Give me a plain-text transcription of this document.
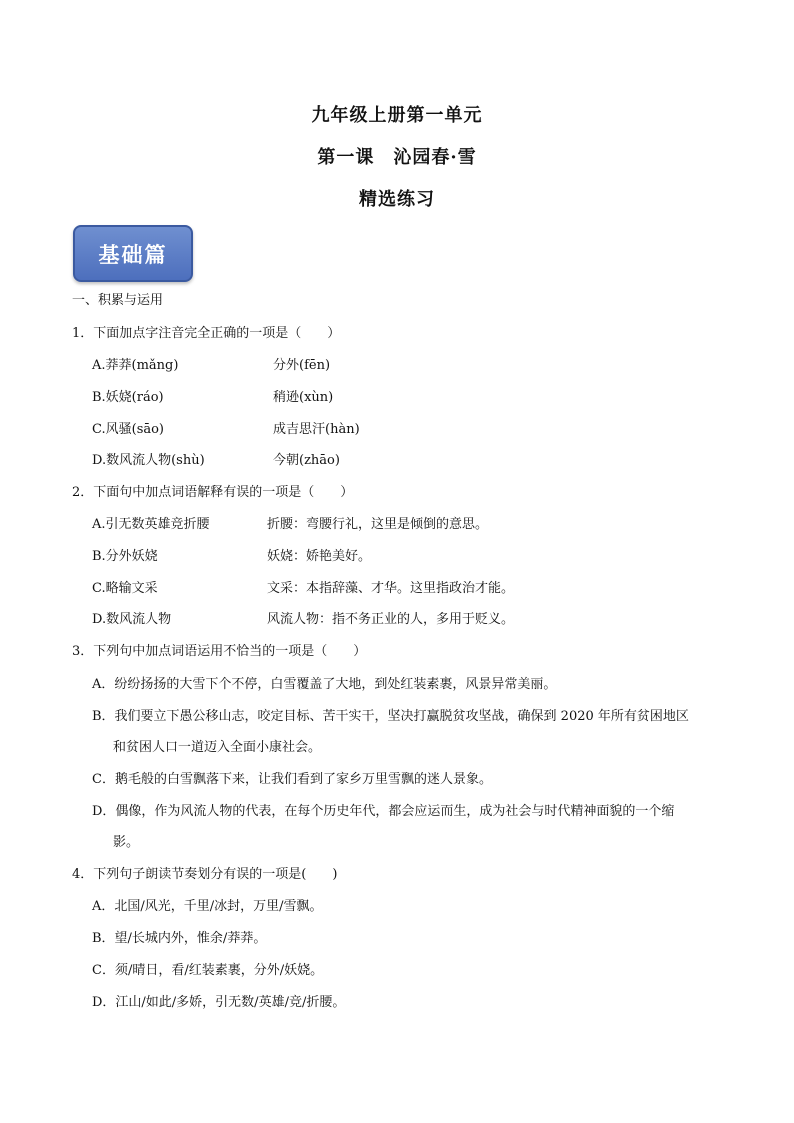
九年级上册第一单元
第一课　沁园春·雪
精选练习
基础篇
一、积累与运用
1．下面加点字注音完全正确的一项是（　　）
A.莽莽(mǎng)	分外(fēn)
B.妖娆(ráo)	稍逊(xùn)
C.风骚(sāo)	成吉思汗(hàn)
D.数风流人物(shù)	今朝(zhāo)
2．下面句中加点词语解释有误的一项是（　　）
A.引无数英雄竞折腰	折腰：弯腰行礼，这里是倾倒的意思。
B.分外妖娆	妖娆：娇艳美好。
C.略输文采	文采：本指辞藻、才华。这里指政治才能。
D.数风流人物	风流人物：指不务正业的人，多用于贬义。
3．下列句中加点词语运用不恰当的一项是（　　）
A．纷纷扬扬的大雪下个不停，白雪覆盖了大地，到处红装素裹，风景异常美丽。
B．我们要立下愚公移山志，咬定目标、苦干实干，坚决打赢脱贫攻坚战，确保到 2020 年所有贫困地区
和贫困人口一道迈入全面小康社会。
C．鹅毛般的白雪飘落下来，让我们看到了家乡万里雪飘的迷人景象。
D．偶像，作为风流人物的代表，在每个历史年代，都会应运而生，成为社会与时代精神面貌的一个缩
影。
4．下列句子朗读节奏划分有误的一项是(　　)
A．北国/风光，千里/冰封，万里/雪飘。
B．望/长城内外，惟余/莽莽。
C．须/晴日，看/红装素裹，分外/妖娆。
D．江山/如此/多娇，引无数/英雄/竞/折腰。
